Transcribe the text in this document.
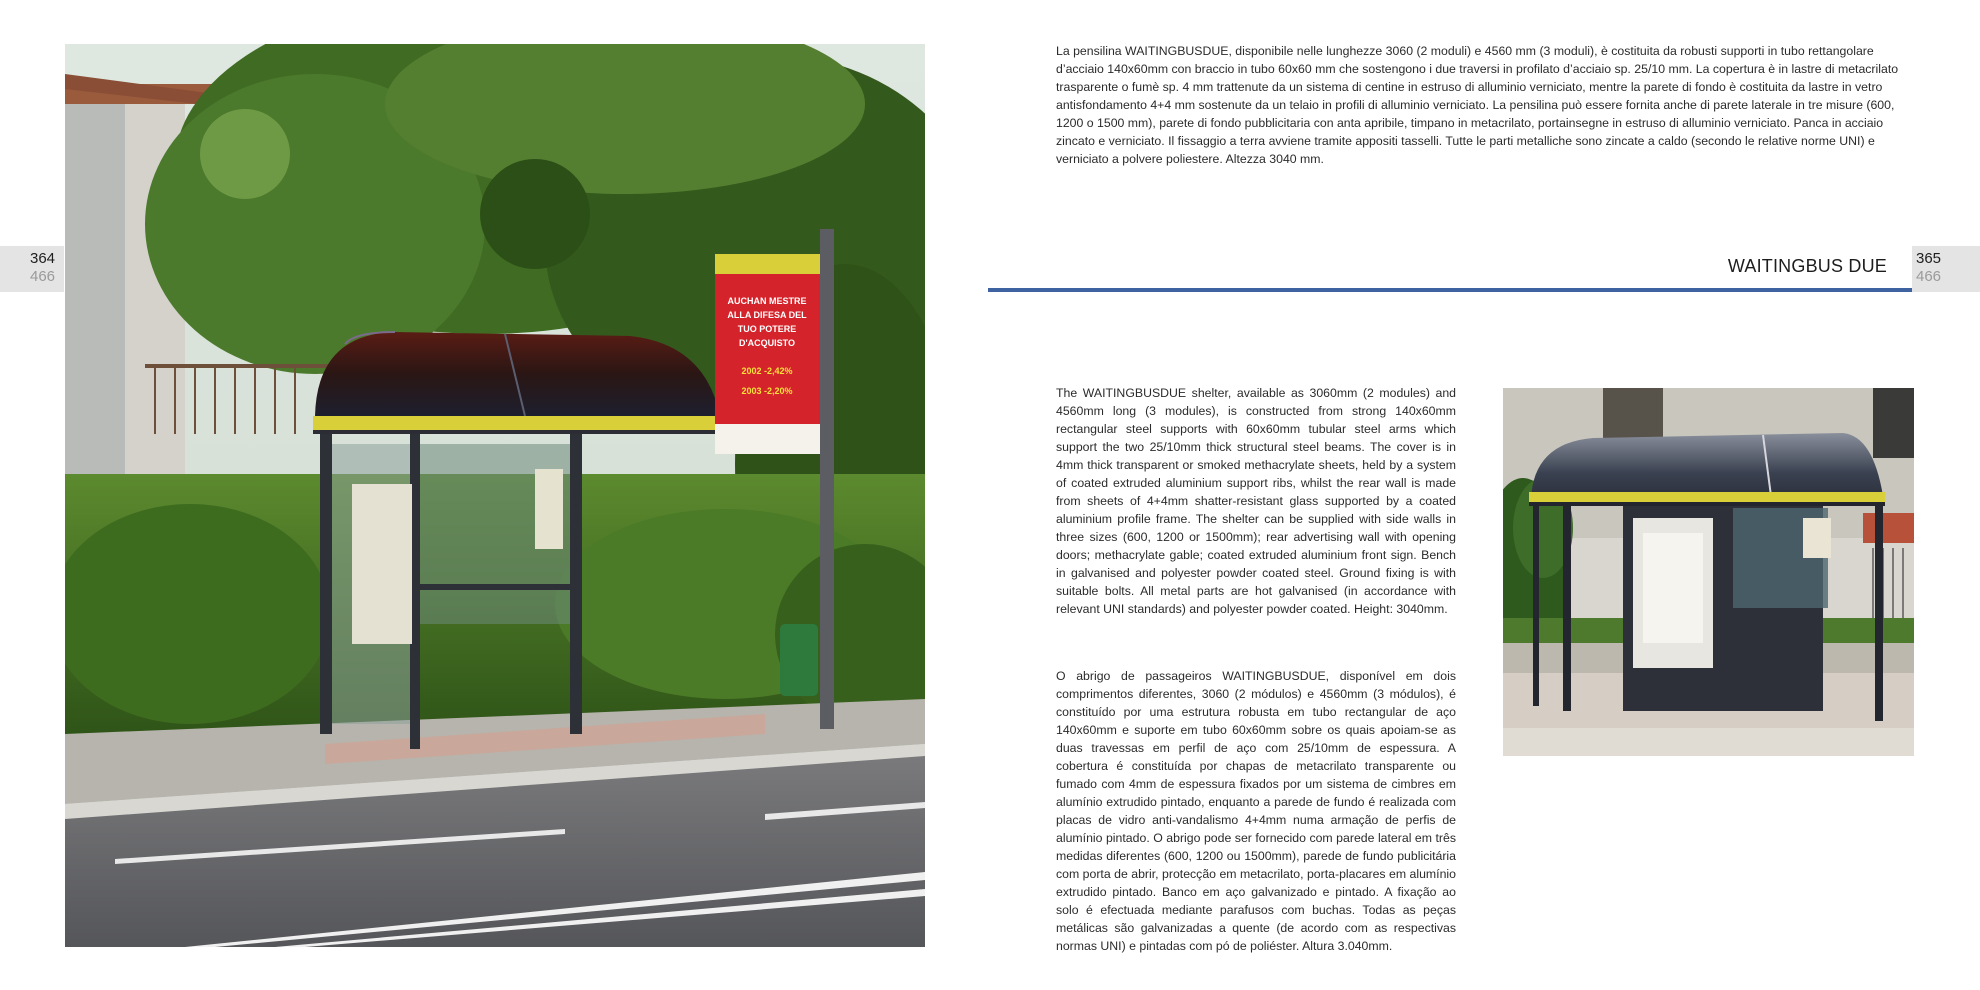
364
466
365
466
AUCHAN MESTRE
ALLA DIFESA DEL
TUO POTERE
D'ACQUISTO
2002 -2,42%
2003 -2,20%
La pensilina WAITINGBUSDUE, disponibile nelle lunghezze 3060 (2 moduli) e 4560 mm (3 moduli), è costituita da robusti supporti in tubo rettangolare d’acciaio 140x60mm con braccio in tubo 60x60 mm che sostengono i due traversi in profilato d’acciaio sp. 25/10 mm. La copertura è in lastre di metacrilato trasparente o fumè sp. 4 mm trattenute da un sistema di centine in estruso di alluminio verniciato, mentre la parete di fondo è costituita da lastre in vetro antisfondamento 4+4 mm sostenute da un telaio in profili di alluminio verniciato. La pensilina può essere fornita anche di parete laterale in tre misure (600, 1200 o 1500 mm), parete di fondo pubblicitaria con anta apribile, timpano in metacrilato, portainsegne in estruso di alluminio verniciato. Panca in acciaio zincato e verniciato. Il fissaggio a terra avviene tramite appositi tasselli. Tutte le parti metalliche sono zincate a caldo (secondo le relative norme UNI) e verniciato a polvere poliestere. Altezza 3040 mm.
WAITINGBUS DUE
The WAITINGBUSDUE shelter, available as 3060mm (2 modules) and 4560mm long (3 modules), is constructed from strong 140x60mm rectangular steel supports with 60x60mm tubular steel arms which support the two 25/10mm thick structural steel beams. The cover is in 4mm thick transparent or smoked methacrylate sheets, held by a system of coated extruded aluminium support ribs, whilst the rear wall is made from sheets of 4+4mm shatter-resistant glass supported by a coated aluminium profile frame. The shelter can be supplied with side walls in three sizes (600, 1200 or 1500mm); rear advertising wall with opening doors; methacrylate gable; coated extruded aluminium front sign. Bench in galvanised and polyester powder coated steel. Ground fixing is with suitable bolts. All metal parts are hot galvanised (in accordance with relevant UNI standards) and polyester powder coated. Height: 3040mm.
O abrigo de passageiros WAITINGBUSDUE, disponível em dois comprimentos diferentes, 3060 (2 módulos) e 4560mm (3 módulos), é constituído por uma estrutura robusta em tubo rectangular de aço 140x60mm e suporte em tubo 60x60mm sobre os quais apoiam-se as duas travessas em perfil de aço com 25/10mm de espessura. A cobertura é constituída por chapas de metacrilato transparente ou fumado com 4mm de espessura fixados por um sistema de cimbres em alumínio extrudido pintado, enquanto a parede de fundo é realizada com placas de vidro anti-vandalismo 4+4mm numa armação de perfis de alumínio pintado. O abrigo pode ser fornecido com parede lateral em três medidas diferentes (600, 1200 ou 1500mm), parede de fundo publicitária com porta de abrir, protecção em metacrilato, porta-placares em alumínio extrudido pintado. Banco em aço galvanizado e pintado. A fixação ao solo é efectuada mediante parafusos com buchas. Todas as peças metálicas são galvanizadas a quente (de acordo com as respectivas normas UNI) e pintadas com pó de poliéster. Altura 3.040mm.
